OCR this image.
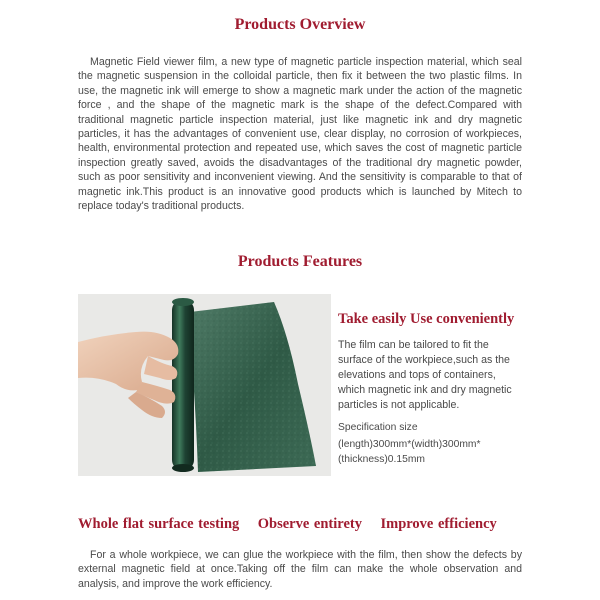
Products Overview
Magnetic Field viewer film, a new type of magnetic particle inspection material, which seal the magnetic suspension in the colloidal particle, then fix it between the two plastic films. In use, the magnetic ink will emerge to show a magnetic mark under the action of the magnetic force , and the shape of the magnetic mark is the shape of the defect.Compared with traditional magnetic particle inspection material, just like magnetic ink and dry magnetic particles, it has the advantages of convenient use, clear display, no corrosion of workpieces, health, environmental protection and repeated use, which saves the cost of magnetic particle inspection greatly saved, avoids the disadvantages of the traditional dry magnetic powder, such as poor sensitivity and inconvenient viewing. And the sensitivity is comparable to that of magnetic ink.This product is an innovative good products which is launched by Mitech to replace today's traditional products.
Products Features
Take easily Use conveniently
The film can be tailored to fit the surface of the workpiece,such as the elevations and tops of containers, which magnetic ink and dry magnetic particles is not applicable.
Specification size
(length)300mm*(width)300mm*(thickness)0.15mm
Whole flat surface testing    Observe entirety    Improve efficiency
For a whole workpiece, we can glue the workpiece with the film, then show the defects by external magnetic field at once.Taking off the film can make the whole observation and analysis, and improve the work efficiency.
